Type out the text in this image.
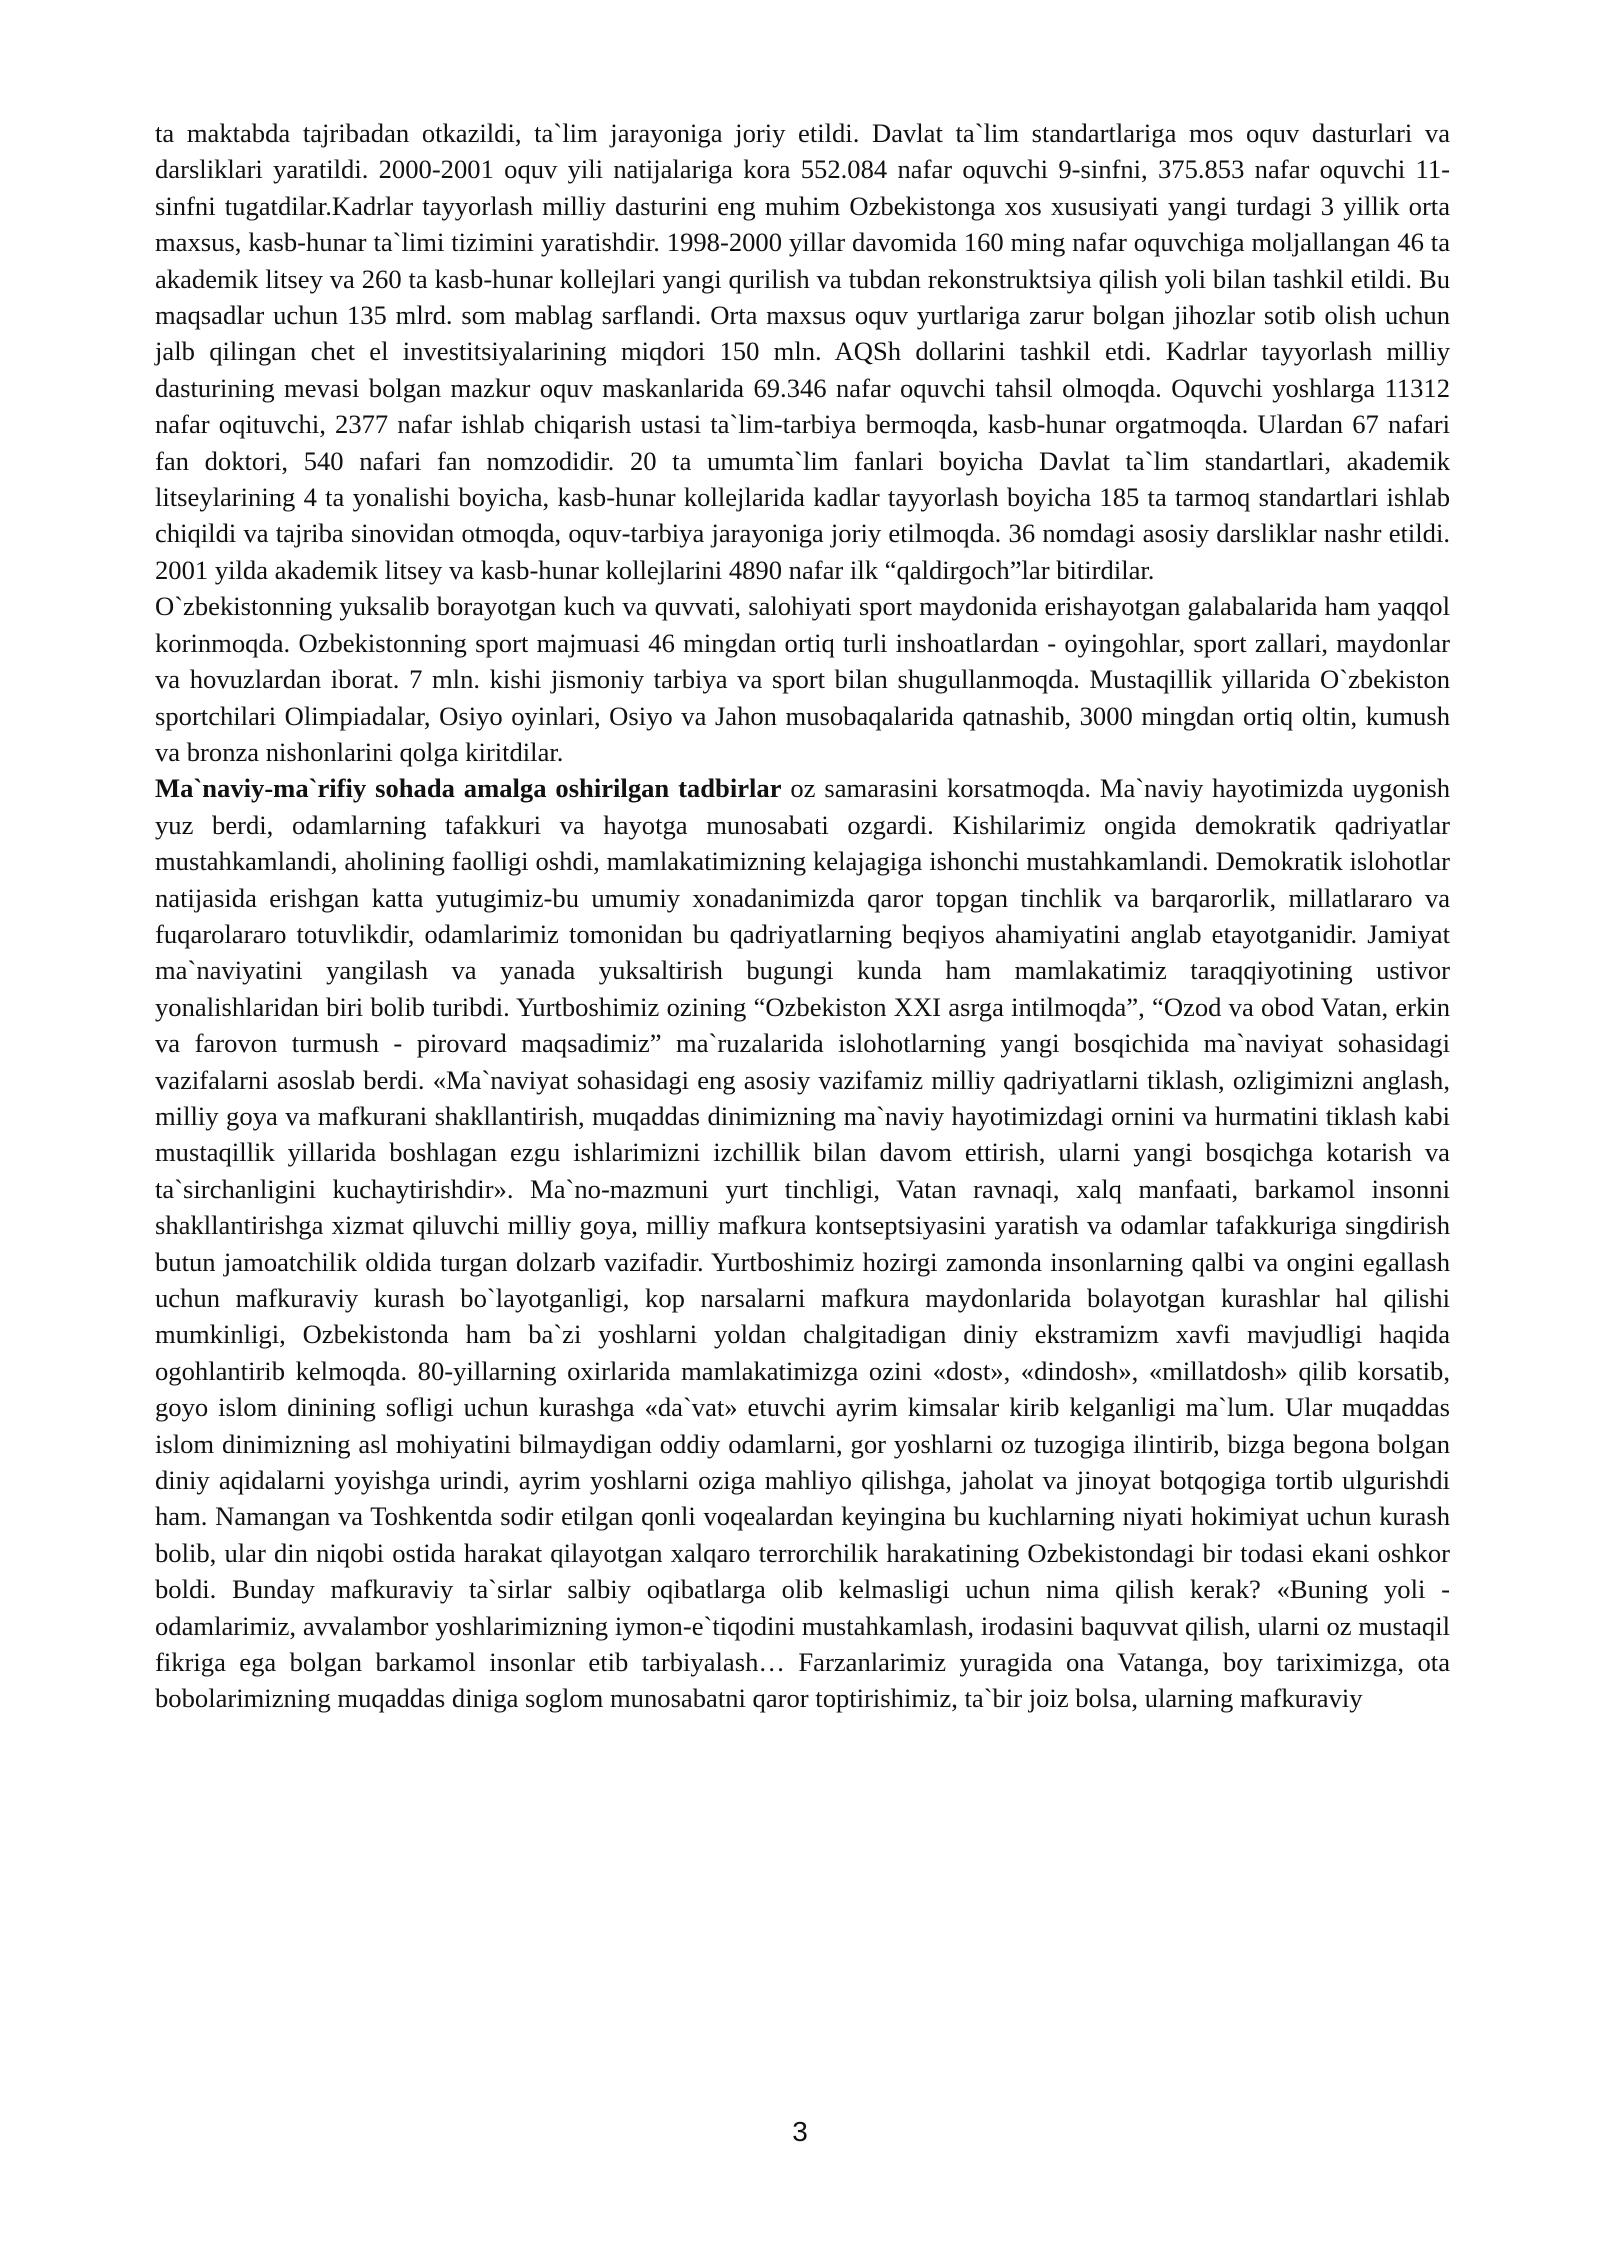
ta maktabda tajribadan otkazildi, ta`lim jarayoniga joriy etildi. Davlat ta`lim standartlariga mos oquv dasturlari va darsliklari yaratildi. 2000-2001 oquv yili natijalariga kora 552.084 nafar oquvchi 9-sinfni, 375.853 nafar oquvchi 11-sinfni tugatdilar.Kadrlar tayyorlash milliy dasturini eng muhim Ozbekistonga xos xususiyati yangi turdagi 3 yillik orta maxsus, kasb-hunar ta`limi tizimini yaratishdir. 1998-2000 yillar davomida 160 ming nafar oquvchiga moljallangan 46 ta akademik litsey va 260 ta kasb-hunar kollejlari yangi qurilish va tubdan rekonstruktsiya qilish yoli bilan tashkil etildi. Bu maqsadlar uchun 135 mlrd. som mablag sarflandi. Orta maxsus oquv yurtlariga zarur bolgan jihozlar sotib olish uchun jalb qilingan chet el investitsiyalarining miqdori 150 mln. AQSh dollarini tashkil etdi. Kadrlar tayyorlash milliy dasturining mevasi bolgan mazkur oquv maskanlarida 69.346 nafar oquvchi tahsil olmoqda. Oquvchi yoshlarga 11312 nafar oqituvchi, 2377 nafar ishlab chiqarish ustasi ta`lim-tarbiya bermoqda, kasb-hunar orgatmoqda. Ulardan 67 nafari fan doktori, 540 nafari fan nomzodidir. 20 ta umumta`lim fanlari boyicha Davlat ta`lim standartlari, akademik litseylarining 4 ta yonalishi boyicha, kasb-hunar kollejlarida kadlar tayyorlash boyicha 185 ta tarmoq standartlari ishlab chiqildi va tajriba sinovidan otmoqda, oquv-tarbiya jarayoniga joriy etilmoqda. 36 nomdagi asosiy darsliklar nashr etildi. 2001 yilda akademik litsey va kasb-hunar kollejlarini 4890 nafar ilk “qaldirgoch”lar bitirdilar.

O`zbekistonning yuksalib borayotgan kuch va quvvati, salohiyati sport maydonida erishayotgan galabalarida ham yaqqol korinmoqda. Ozbekistonning sport majmuasi 46 mingdan ortiq turli inshoatlardan - oyingohlar, sport zallari, maydonlar va hovuzlardan iborat. 7 mln. kishi jismoniy tarbiya va sport bilan shugullanmoqda. Mustaqillik yillarida O`zbekiston sportchilari Olimpiadalar, Osiyo oyinlari, Osiyo va Jahon musobaqalarida qatnashib, 3000 mingdan ortiq oltin, kumush va bronza nishonlarini qolga kiritdilar.

Ma`naviy-ma`rifiy sohada amalga oshirilgan tadbirlar oz samarasini korsatmoqda. Ma`naviy hayotimizda uygonish yuz berdi, odamlarning tafakkuri va hayotga munosabati ozgardi. Kishilarimiz ongida demokratik qadriyatlar mustahkamlandi, aholining faolligi oshdi, mamlakatimizning kelajagiga ishonchi mustahkamlandi. Demokratik islohotlar natijasida erishgan katta yutugimiz-bu umumiy xonadanimizda qaror topgan tinchlik va barqarorlik, millatlararo va fuqarolararo totuvlikdir, odamlarimiz tomonidan bu qadriyatlarning beqiyos ahamiyatini anglab etayotganidir. Jamiyat ma`naviyatini yangilash va yanada yuksaltirish bugungi kunda ham mamlakatimiz taraqqiyotining ustivor yonalishlaridan biri bolib turibdi. Yurtboshimiz ozining “Ozbekiston XXI asrga intilmoqda”, “Ozod va obod Vatan, erkin va farovon turmush - pirovard maqsadimiz” ma`ruzalarida islohotlarning yangi bosqichida ma`naviyat sohasidagi vazifalarni asoslab berdi. «Ma`naviyat sohasidagi eng asosiy vazifamiz milliy qadriyatlarni tiklash, ozligimizni anglash, milliy goya va mafkurani shakllantirish, muqaddas dinimizning ma`naviy hayotimizdagi ornini va hurmatini tiklash kabi mustaqillik yillarida boshlagan ezgu ishlarimizni izchillik bilan davom ettirish, ularni yangi bosqichga kotarish va ta`sirchanligini kuchaytirishdir». Ma`no-mazmuni yurt tinchligi, Vatan ravnaqi, xalq manfaati, barkamol insonni shakllantirishga xizmat qiluvchi milliy goya, milliy mafkura kontseptsiyasini yaratish va odamlar tafakkuriga singdirish butun jamoatchilik oldida turgan dolzarb vazifadir. Yurtboshimiz hozirgi zamonda insonlarning qalbi va ongini egallash uchun mafkuraviy kurash bo`layotganligi, kop narsalarni mafkura maydonlarida bolayotgan kurashlar hal qilishi mumkinligi, Ozbekistonda ham ba`zi yoshlarni yoldan chalgitadigan diniy ekstramizm xavfi mavjudligi haqida ogohlantirib kelmoqda. 80-yillarning oxirlarida mamlakatimizga ozini «dost», «dindosh», «millatdosh» qilib korsatib, goyo islom dinining sofligi uchun kurashga «da`vat» etuvchi ayrim kimsalar kirib kelganligi ma`lum. Ular muqaddas islom dinimizning asl mohiyatini bilmaydigan oddiy odamlarni, gor yoshlarni oz tuzogiga ilintirib, bizga begona bolgan diniy aqidalarni yoyishga urindi, ayrim yoshlarni oziga mahliyo qilishga, jaholat va jinoyat botqogiga tortib ulgurishdi ham. Namangan va Toshkentda sodir etilgan qonli voqealardan keyingina bu kuchlarning niyati hokimiyat uchun kurash bolib, ular din niqobi ostida harakat qilayotgan xalqaro terrorchilik harakatining Ozbekistondagi bir todasi ekani oshkor boldi. Bunday mafkuraviy ta`sirlar salbiy oqibatlarga olib kelmasligi uchun nima qilish kerak? «Buning yoli - odamlarimiz, avvalambor yoshlarimizning iymon-e`tiqodini mustahkamlash, irodasini baquvvat qilish, ularni oz mustaqil fikriga ega bolgan barkamol insonlar etib tarbiyalash… Farzanlarimiz yuragida ona Vatanga, boy tariximizga, ota bobolarimizning muqaddas diniga soglom munosabatni qaror toptirishimiz, ta`bir joiz bolsa, ularning mafkuraviy

3
